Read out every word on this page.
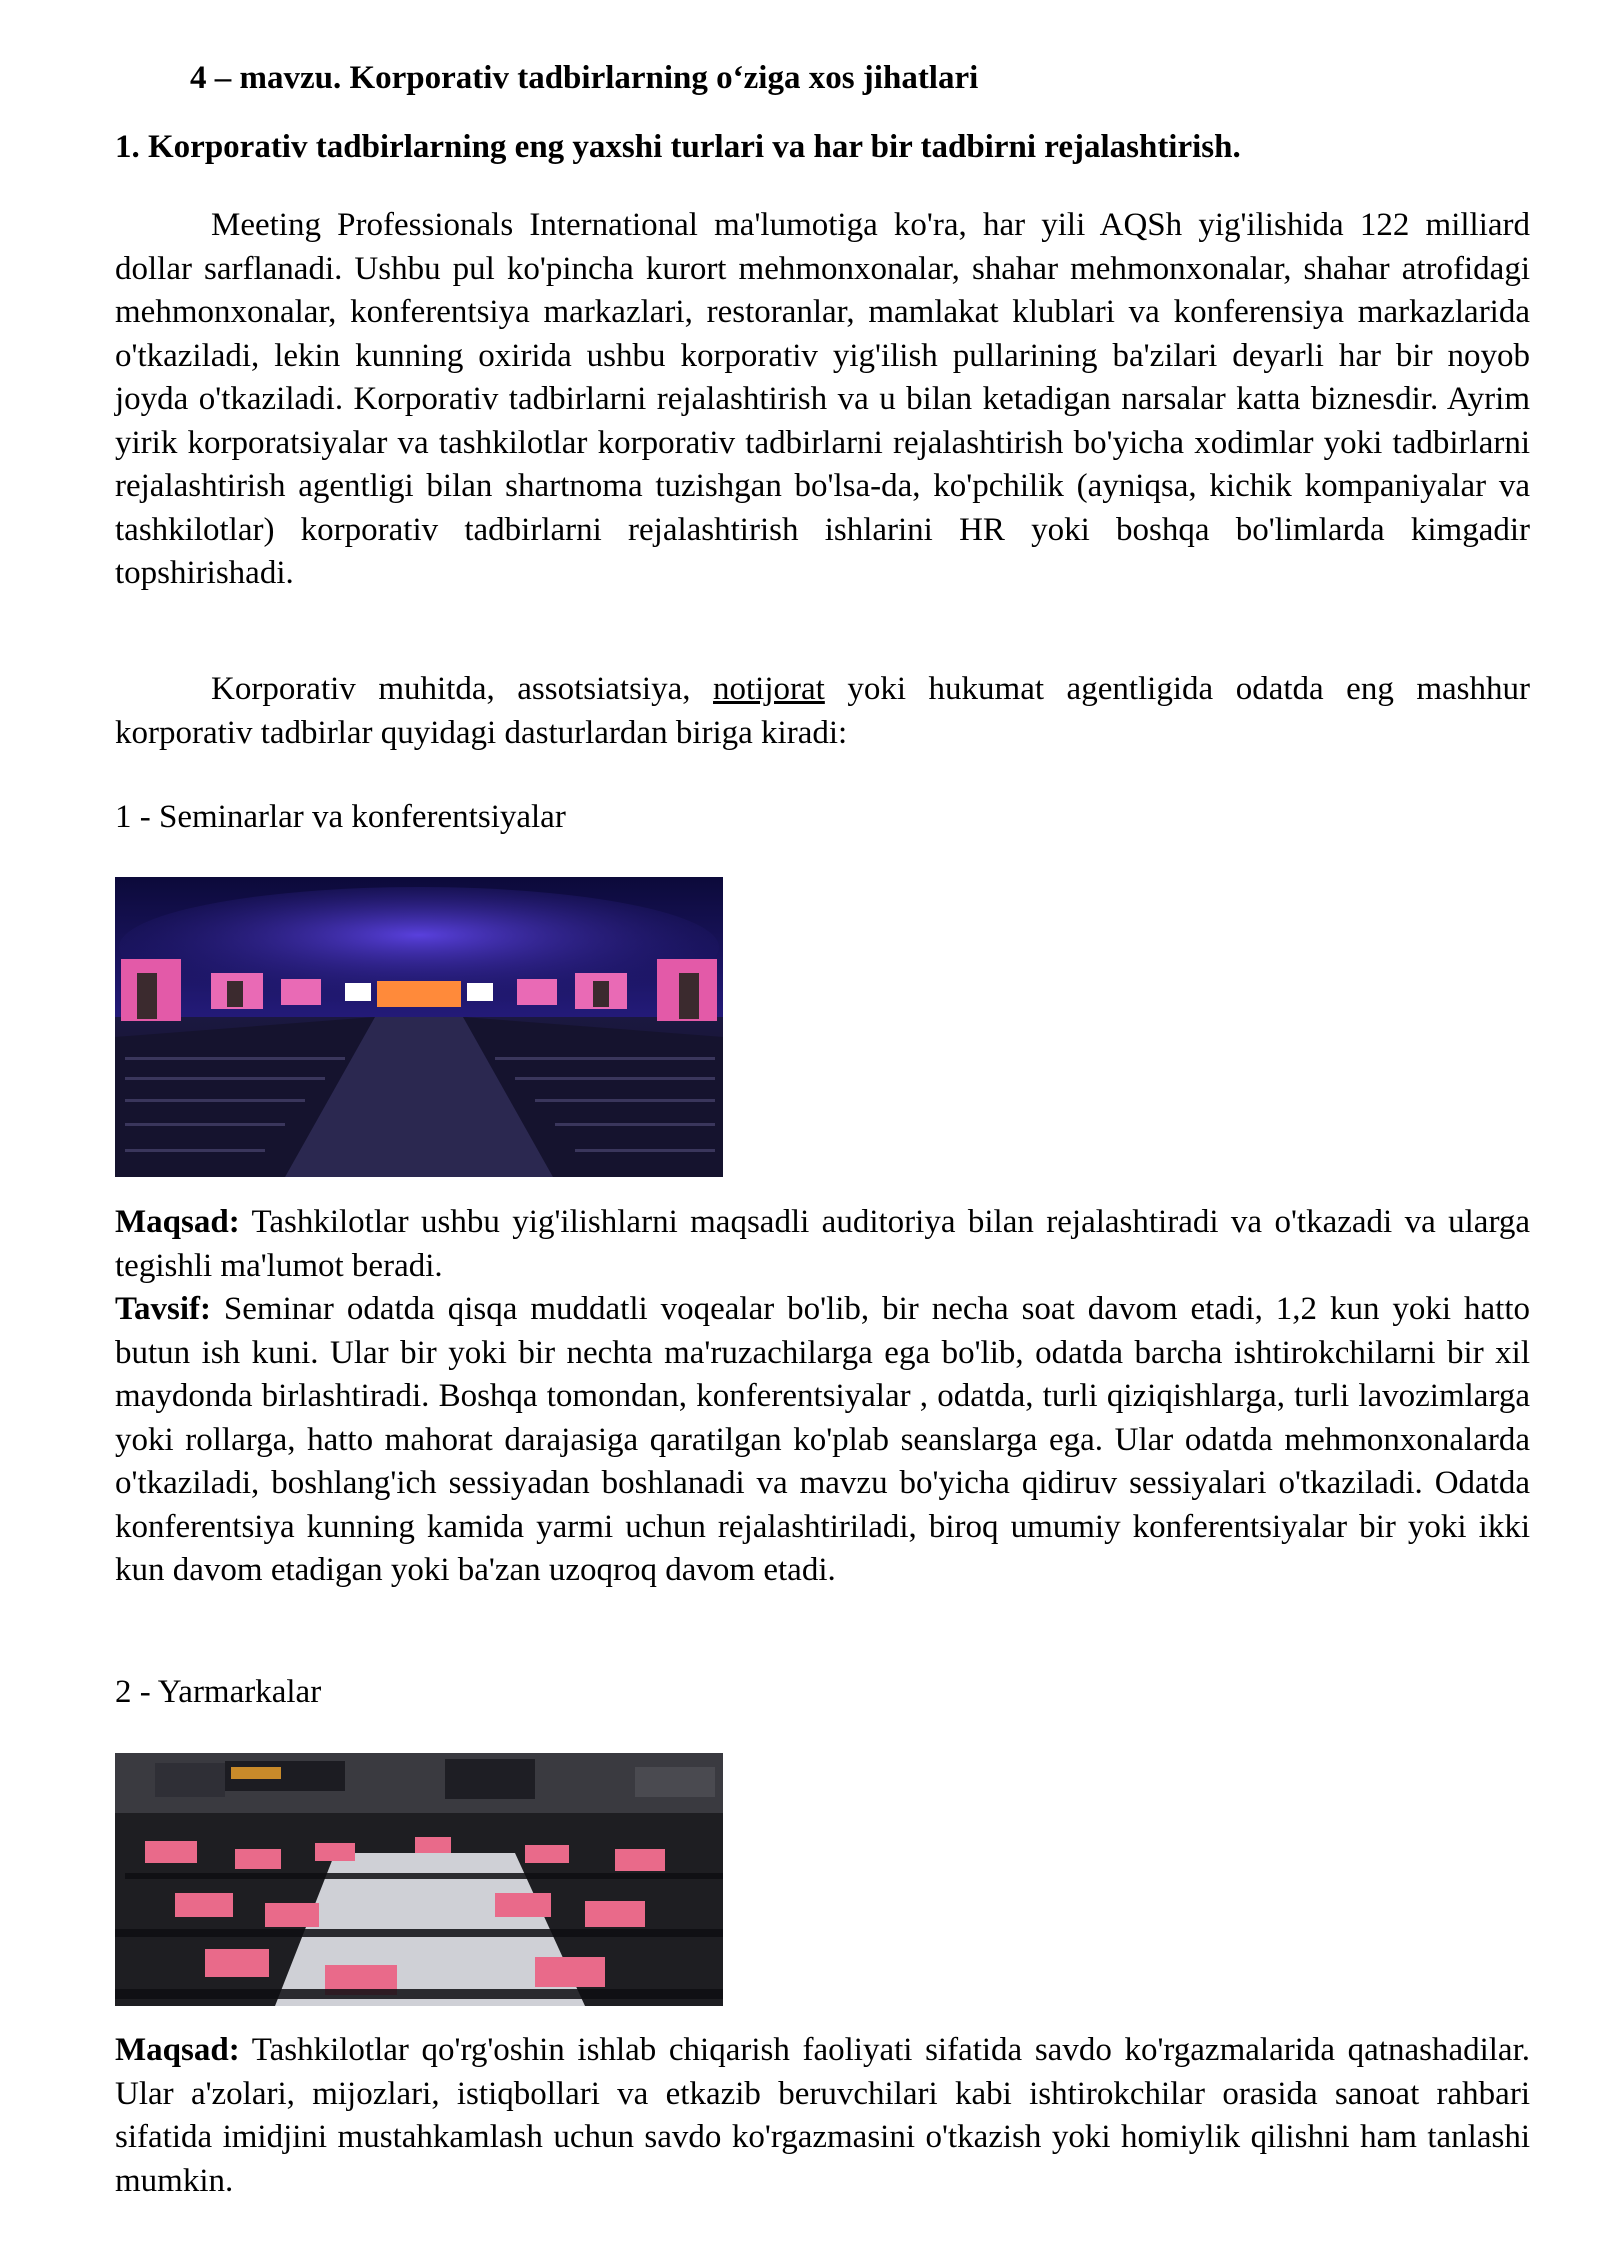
4 – mavzu. Korporativ tadbirlarning o‘ziga xos jihatlari
1. Korporativ tadbirlarning eng yaxshi turlari va har bir tadbirni rejalashtirish.

Meeting Professionals International ma'lumotiga ko'ra, har yili AQSh yig'ilishida 122 milliard dollar sarflanadi. Ushbu pul ko'pincha kurort mehmonxonalar, shahar mehmonxonalar, shahar atrofidagi mehmonxonalar, konferentsiya markazlari, restoranlar, mamlakat klublari va konferensiya markazlarida o'tkaziladi, lekin kunning oxirida ushbu korporativ yig'ilish pullarining ba'zilari deyarli har bir noyob joyda o'tkaziladi. Korporativ tadbirlarni rejalashtirish va u bilan ketadigan narsalar katta biznesdir. Ayrim yirik korporatsiyalar va tashkilotlar korporativ tadbirlarni rejalashtirish bo'yicha xodimlar yoki tadbirlarni rejalashtirish agentligi bilan shartnoma tuzishgan bo'lsa-da, ko'pchilik (ayniqsa, kichik kompaniyalar va tashkilotlar) korporativ tadbirlarni rejalashtirish ishlarini HR yoki boshqa bo'limlarda kimgadir topshirishadi.

Korporativ muhitda, assotsiatsiya, notijorat yoki hukumat agentligida odatda eng mashhur korporativ tadbirlar quyidagi dasturlardan biriga kiradi:

1 - Seminarlar va konferentsiyalar

Maqsad: Tashkilotlar ushbu yig'ilishlarni maqsadli auditoriya bilan rejalashtiradi va o'tkazadi va ularga tegishli ma'lumot beradi.
Tavsif: Seminar odatda qisqa muddatli voqealar bo'lib, bir necha soat davom etadi, 1,2 kun yoki hatto butun ish kuni. Ular bir yoki bir nechta ma'ruzachilarga ega bo'lib, odatda barcha ishtirokchilarni bir xil maydonda birlashtiradi. Boshqa tomondan, konferentsiyalar , odatda, turli qiziqishlarga, turli lavozimlarga yoki rollarga, hatto mahorat darajasiga qaratilgan ko'plab seanslarga ega. Ular odatda mehmonxonalarda o'tkaziladi, boshlang'ich sessiyadan boshlanadi va mavzu bo'yicha qidiruv sessiyalari o'tkaziladi. Odatda konferentsiya kunning kamida yarmi uchun rejalashtiriladi, biroq umumiy konferentsiyalar bir yoki ikki kun davom etadigan yoki ba'zan uzoqroq davom etadi.

2 - Yarmarkalar

Maqsad: Tashkilotlar qo'rg'oshin ishlab chiqarish faoliyati sifatida savdo ko'rgazmalarida qatnashadilar. Ular a'zolari, mijozlari, istiqbollari va etkazib beruvchilari kabi ishtirokchilar orasida sanoat rahbari sifatida imidjini mustahkamlash uchun savdo ko'rgazmasini o'tkazish yoki homiylik qilishni ham tanlashi mumkin.
